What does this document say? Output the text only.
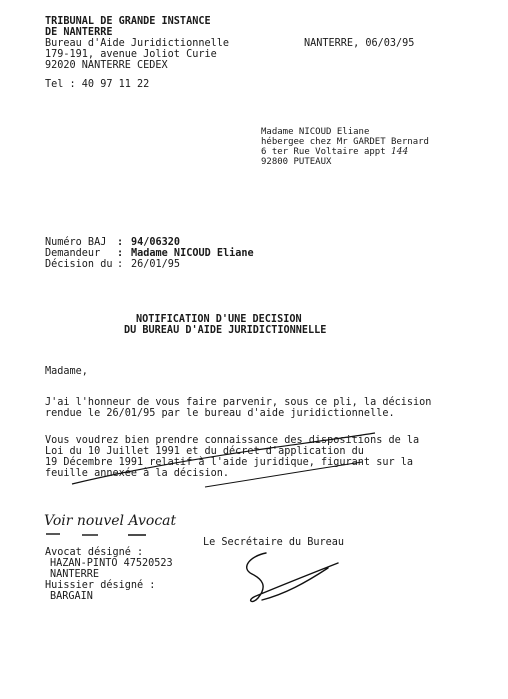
TRIBUNAL DE GRANDE INSTANCE
DE NANTERRE
Bureau d'Aide Juridictionnelle
179-191, avenue Joliot Curie
92020 NANTERRE CEDEX
Tel : 40 97 11 22
NANTERRE, 06/03/95
Madame NICOUD Eliane
hébergee chez Mr GARDET Bernard
6 ter Rue Voltaire appt 144
92800 PUTEAUX
Numéro BAJ : 94/06320
Demandeur : Madame NICOUD Eliane
Décision du : 26/01/95
NOTIFICATION D'UNE DECISION
DU BUREAU D'AIDE JURIDICTIONNELLE
Madame,
J'ai l'honneur de vous faire parvenir, sous ce pli, la décision
rendue le 26/01/95 par le bureau d'aide juridictionnelle.
Vous voudrez bien prendre connaissance des dispositions de la
Loi du 10 Juillet 1991 et du décret d'application du
19 Décembre 1991 relatif à l'aide juridique, figurant sur la
feuille annexée à la décision.
Voir nouvel Avocat
Le Secrétaire du Bureau
Avocat désigné :
HAZAN-PINTO 47520523
NANTERRE
Huissier désigné :
BARGAIN
